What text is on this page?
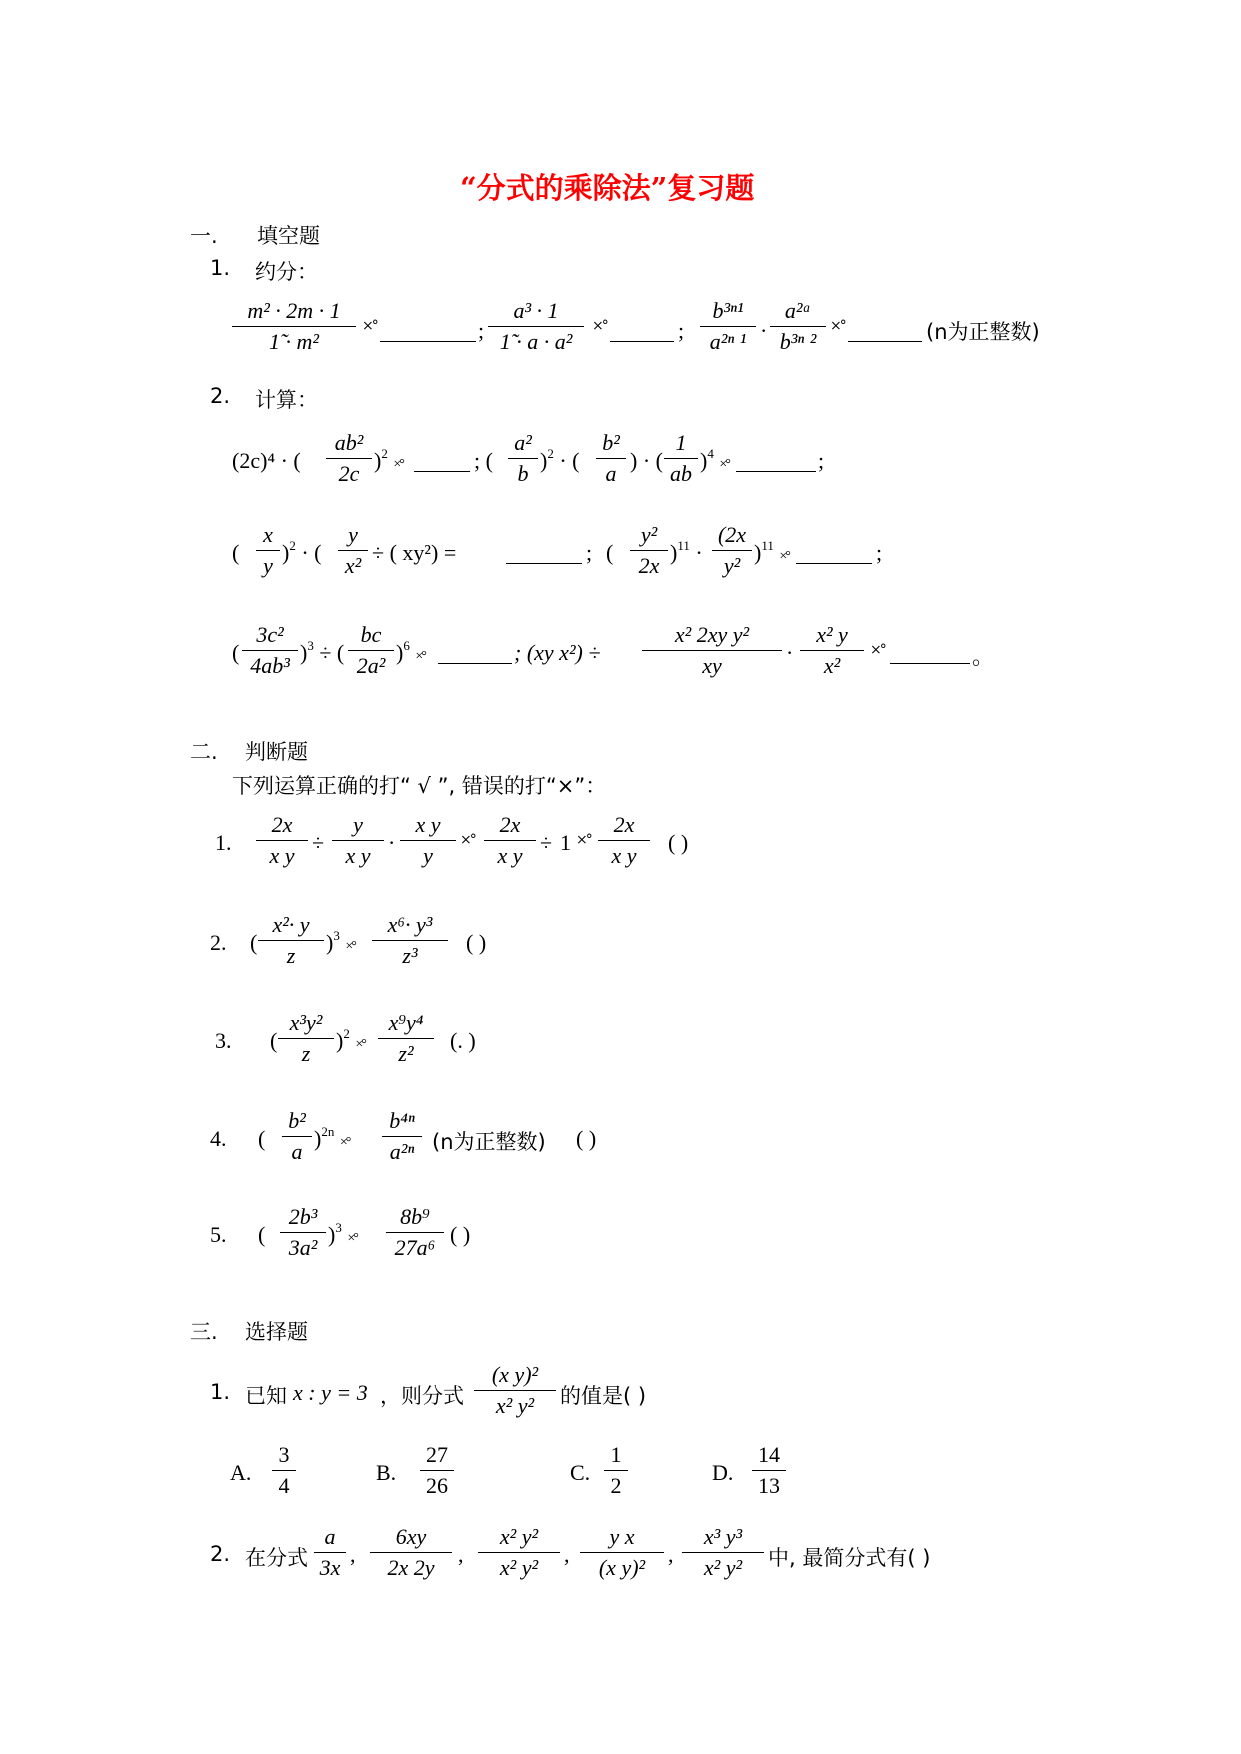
“分式的乘除法”复习题
一. 填空题
1. 约分：
$\frac{\text{m² · 2m · 1}}{\text{1̃ · m²}}$ ×°	; $\frac{\text{a³ · 1}}{\text{1̃ · a · a²}}$ ×°	; $\frac{\text{b³ⁿ¹}}{\text{a²ⁿ ¹}} \cdot \frac{\text{a²ᵃ}}{\text{b³ⁿ ²}}$ ×°	(n为正整数)
2. 计算：
(2c)⁴ · ( $\frac{\text{ab²}}{2c} )^2$ ×°	; ( $\frac{\text{a²}}{b} )^2$ · ( $\frac{\text{b²}}{a}$ ) · ( $\frac{1}{ab} )^4$ ×°	;
( $\frac{x}{y} )^2$ · ( $\frac{y}{\text{x²}}$ ÷ ( xy²) =	; ( $\frac{\text{y²}}{2x} )^{11} \cdot \frac{(2x}{\text{y²}} )^{11}$ ×°	;
( $\frac{\text{3c²}}{\text{4ab³}} )^3$ ÷ ( $\frac{bc}{\text{2a²}} )^6$ ×°	; (xy $x^2) \div \frac{\text{x² 2xy y²}}{xy} \cdot \frac{\text{x² y}}{\text{x²}}$ ×°	。
二. 判断题
下列运算正确的打“ √ ”, 错误的打“×”：
1. $\frac{2x}{\text{x y}} \div \frac{y}{\text{x y}} \cdot \frac{\text{x y}}{y}$ ×° $\frac{2x}{\text{x y}} \div 1$ ×° $\frac{2x}{\text{x y}}$ ( )
2. ( $\frac{\text{x²· y}}{z} )^3$ ×° $\frac{\text{x⁶· y³}}{\text{z³}}$ ( )
3. ( $\frac{\text{x³y²}}{z} )^2$ ×° $\frac{\text{x⁹y⁴}}{\text{z²}}$ (. )
4. ( $\frac{\text{b²}}{a} )^{2n}$ ×° $\frac{\text{b⁴ⁿ}}{\text{a²ⁿ}} (n$为正整数) ( )
5. ( $\frac{\text{2b³}}{\text{3a²}} )^3$ ×° $\frac{\text{8b⁹}}{\text{27a⁶}}$ ( )
三. 选择题
1. 已知 x : y = 3 ，则分式 $\frac{\text{(x y)²}}{\text{x² y²}}$ 的值是( )
A. $\frac{3}{4}$	B. $\frac{27}{26}$	C. $\frac{1}{2}$	D. $\frac{14}{13}$
2. 在分式 $\frac{a}{3x}$ , $\frac{6xy}{2x 2y}$ , $\frac{\text{x² y²}}{\text{x² y²}}$ , $\frac{\text{y x}}{\text{(x y)²}}$ , $\frac{\text{x³ y³}}{\text{x² y²}}$ 中, 最简分式有( )
